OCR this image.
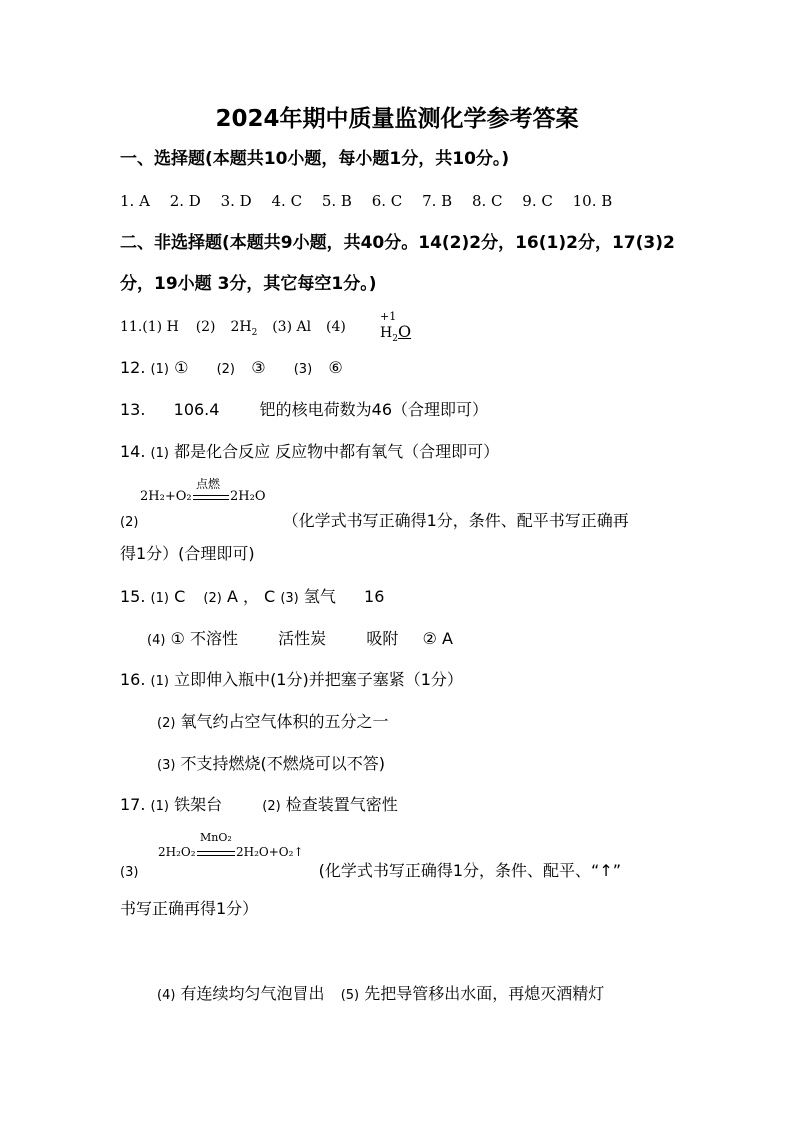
2024年期中质量监测化学参考答案
一、选择题(本题共10小题，每小题1分，共10分。)
1. A 2. D 3. D 4. C 5. B 6. C 7. B 8. C 9. C 10. B
二、非选择题(本题共9小题，共40分。14(2)2分，16(1)2分，17(3)2
分，19小题 3分，其它每空1分。)
11.(1) H (2) $2H_2$ (3) Al (4)
+1
$H_2O$
12. (1) ① (2) ③ (3) ⑥
13. 106.4	钯的核电荷数为46（合理即可）
14. (1) 都是化合反应 反应物中都有氧气（合理即可）
2H₂+O₂
点燃
2H₂O
(2)	（化学式书写正确得1分，条件、配平书写正确再
得1分）(合理即可)
15. (1) C (2) A ， C (3) 氢气 16
(4) ① 不溶性	活性炭	吸附 ② A
16. (1) 立即伸入瓶中(1分)并把塞子塞紧（1分）
(2) 氧气约占空气体积的五分之一
(3) 不支持燃烧(不燃烧可以不答)
17. (1) 铁架台	(2) 检查装置气密性
2H₂O₂
MnO₂
2H₂O+O₂↑
(3)	(化学式书写正确得1分，条件、配平、“↑”
书写正确再得1分）
(4) 有连续均匀气泡冒出 (5) 先把导管移出水面，再熄灭酒精灯
